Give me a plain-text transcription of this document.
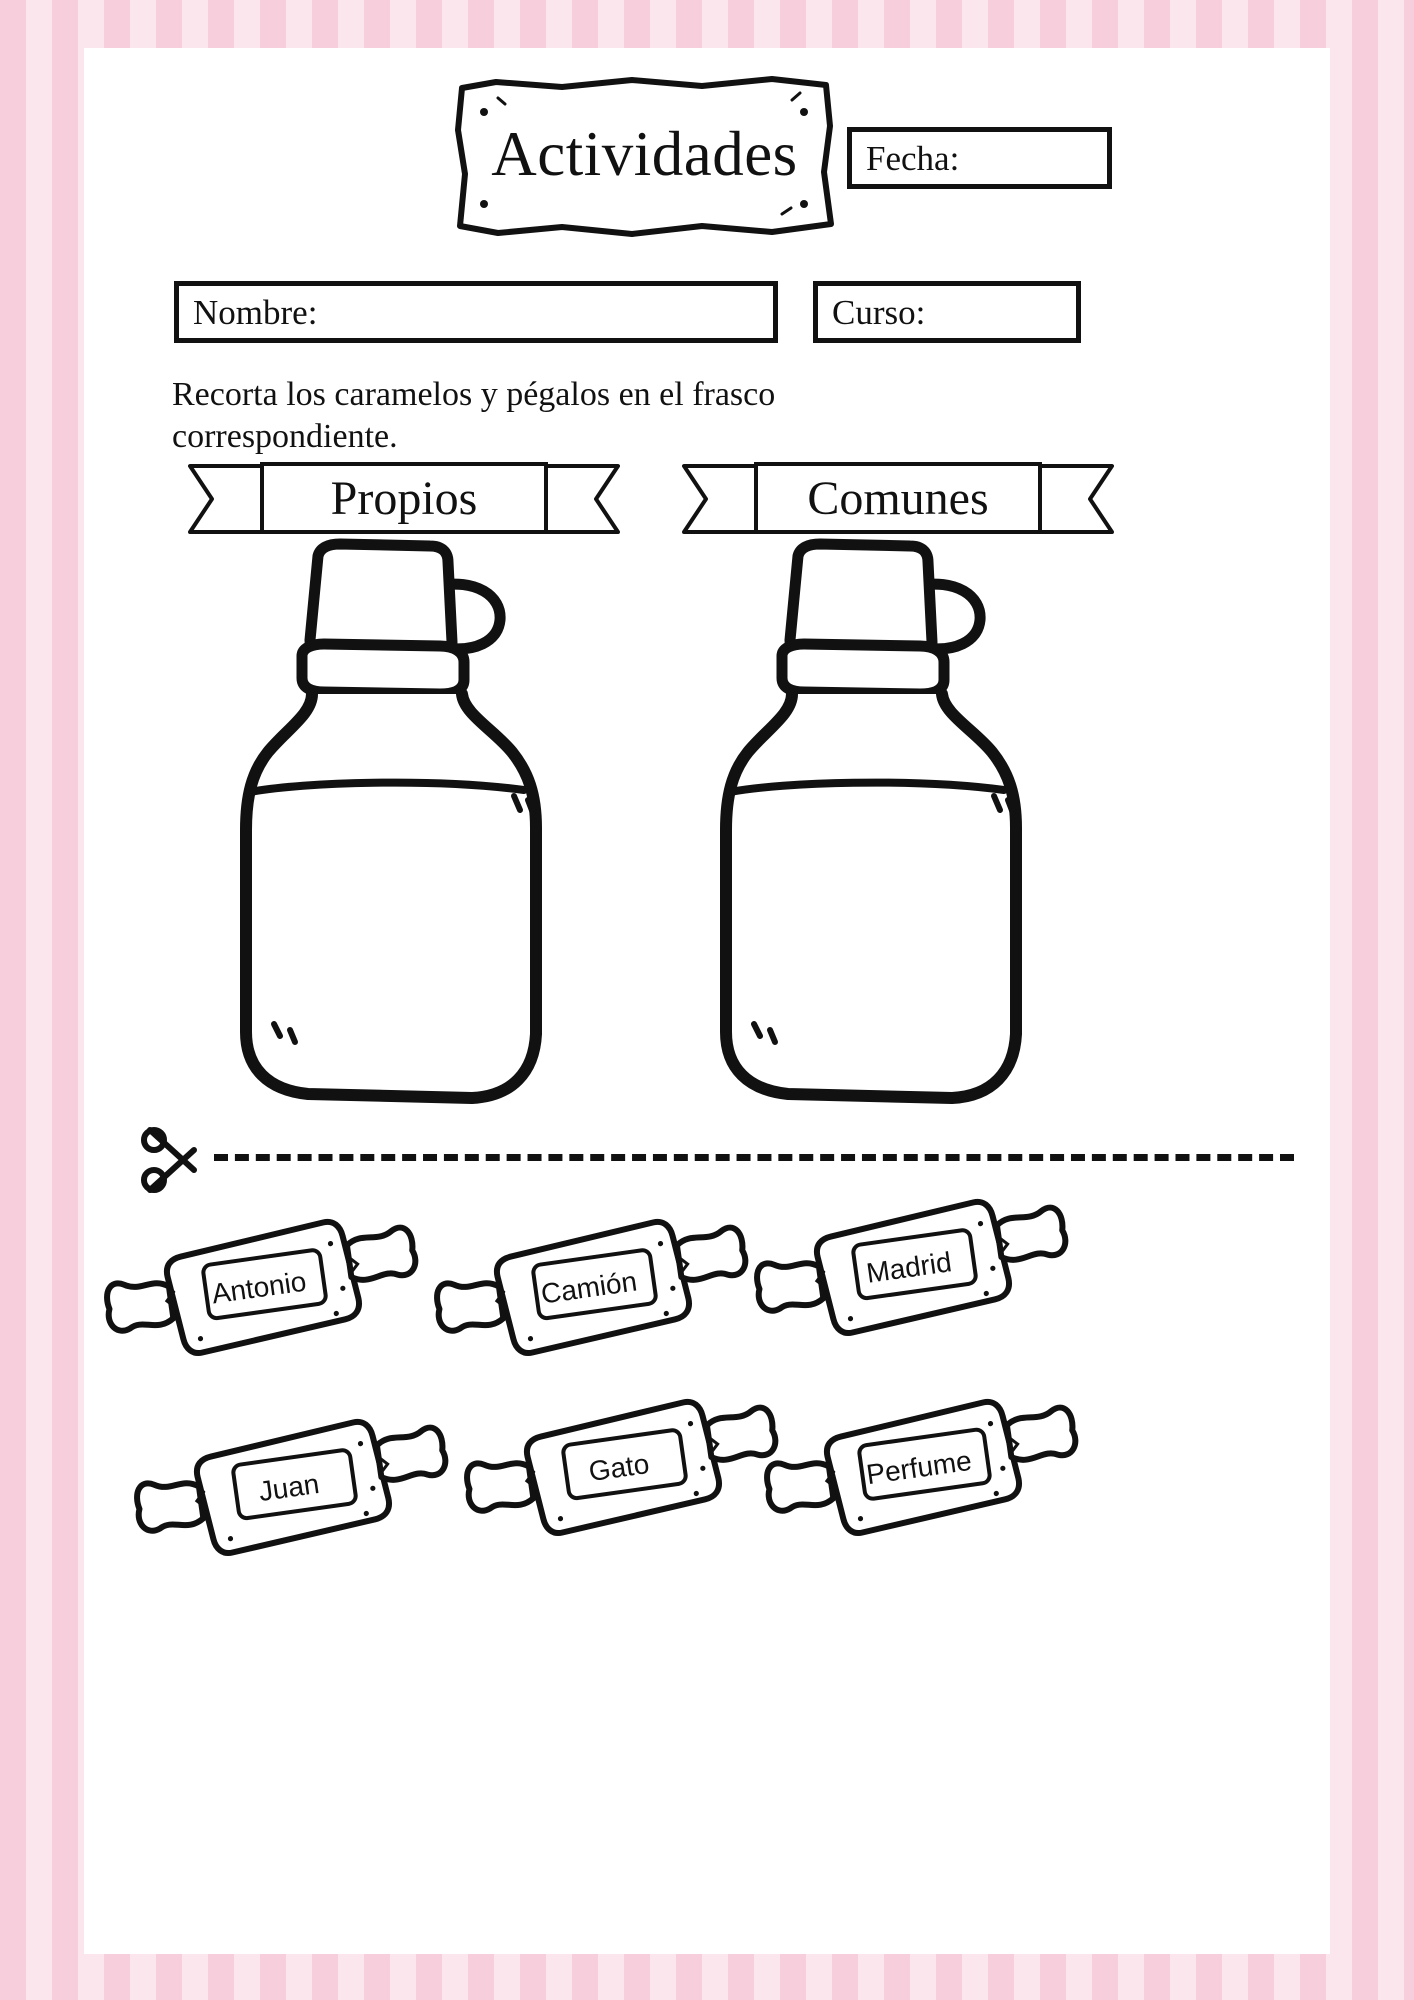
Actividades	Fecha:
Nombre:	Curso:
Recorta los caramelos y pégalos en el frasco correspondiente.
Propios	Comunes
Antonio	Camión	Madrid
Juan
Gato	Perfume
